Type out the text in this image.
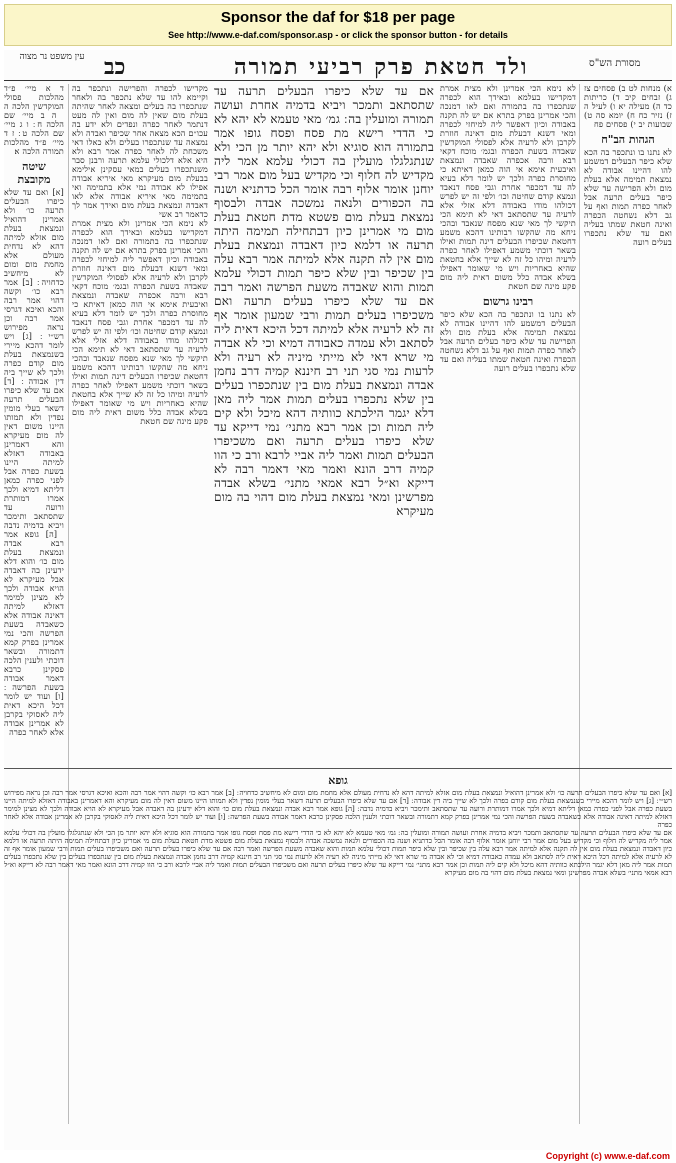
Sponsor the daf for $18 per page
See http://www.e-daf.com/sponsor.asp - or click the sponsor button - for details
עין משפט נר מצוה כב	ולד חטאת פרק רביעי תמורה	מסורת הש"ס
ד א מיי׳ פ״ד מהלכות פסולי המוקדשין הלכה ה ׃ ה ב מיי׳ שם הלכה ח ׃ ו ג מיי׳ שם הלכה ט ׃ ז ד מיי׳ פ״ד מהלכות תמורה הלכה א׃
שיטה מקובצת
[א] ואם עד שלא כיפרו הבעלים תרעה כו׳ ולא אמרינן דהואיל ונמצאת בעלת מום אזלא למיתה דהא לא נדחית מעולם אלא מחמת מום ומום לא מיחשיב כדחויה ׃ [ב] אמר רבא כו׳ וקשה דהוי אמר רבה והכא ואיכא דגרסי אמר רבה וכן נראה מפירוש רש״י ׃ [ג] ויש לומר דהכא מיירי בשנמצאת בעלת מום קודם כפרה ולכך לא שייך ביה דין אבודה ׃ [ד] אם עד שלא כיפרו הבעלים תרעה דשאר בעלי מומין נפדין ולא תמותו היינו משום דאין לה מום מעיקרא והא דאמרינן באבודה דאזלא למיתה היינו בשעת כפרה אבל לפני כפרה כמאן דליתא דמיא ולכך אמרו דמותרת ורועה עד שתסתאב ותימכר ויביא בדמיה נדבה ׃ [ה] גופא אמר רבא אבדה ונמצאת בעלת מום כו׳ והוא דלא ידעינן בה דאבדה אבל מעיקרא לא הויא אבודה ולכך לא מצינן למימר דאזלא למיתה דאינה אבודה אלא כשאבדה בשעת הפרשה והכי נמי אמרינן בפרק קמא דתמורה ובשאר דוכתי ולענין הלכה פסקינן כרבא דאמר אבודה בשעת הפרשה ׃ [ו] ועוד יש לומר דכל היכא דאית ליה לאסוקי בקרבן לא אמרינן אבודה אלא לאחר כפרה
מקדישו לכפרה והפרישה ונתכפר בה וקיימא להו עד שלא נתכפר בה ולאחר שנתכפרו בה בעלים ומצאה לאחר שהיתה בעלת מום שאין לה מום ואין לה מעט דנתמר לאחר כפרה ונפדים ולא ידע בה עכו״ם הכא מצאה אחר שכיפר ואבדה ולא נמצאה עד שנתכפרו בעלים ולא כאלו דאי משכחת לה לאחר כפרה אמר רבא ולא היא אלא דלכולי עלמא תרעה ורבנן סבר משנתכפרו בעלים במאי עסקינן אילימא בבעלת מום מעיקרא מאי איריא אבודה אפילו לא אבודה נמי אלא בתמימה ואי בתמימה מאי איריא אבודה אלא לאו דאבדה ונמצאת בעלת מום ואידך אמר לך כדאמר רב אשי
לא נימא הכי אמרינן ולא מצית אמרת דמקדישו בעלמא ובאידך הוא לכפרה שנתכפרו בה בתמורה ואם לאו דמנכה והכי אמרינן בפרק בתרא אם יש לה תקנה באבודה וכיון דאפשר ליה למיחזי לכפרה ומאי דשנא דבעלת מום דאינה חוזרת לקרבן ולא לרעיה אלא לפסולי המוקדשין שאבדה בשעת הכפרה ובגמ׳ מוכח דקאי רבא ורבה אכפרה שאבדה ונמצאת ואיבעית אימא אי הוה כמאן דאיתא כי מחוסרת כפרה ולכך יש לומר דלא בעיא לה עד דמכפר אחרת וגבי פסח דנאבד ונמצא קודם שחיטה וכו׳ ולפי זה יש לפרש דכולהו מודו באבודה דלא אזלי אלא לרעיה עד שתסתאב דאי לא תימא הכי תיקשי לך מאי שנא מפסח שנאבד ובהכי ניחא מה שהקשו רבותינו דהכא משמע דחטאת שכיפרו הבעלים דינה תמות ואילו בשאר דוכתי משמע דאפילו לאחר כפרה לרעיה ומיהו כל זה לא שייך אלא בחטאת שהיא באחריות ויש מי שאומר דאפילו בשלא אבדה כלל משום דאית ליה מום פקע מינה שם חטאת
אם עד שלא כיפרו הבעלים תרעה עד שתסתאב ותמכר ויביא בדמיה אחרת ועושה תמורה ומועלין בה ׃ גמ׳ מאי טעמא לא יהא לא כי הדדי רישא מת פסח ופסח גופו אמר בתמורה הוא סוגיא ולא יהא יותר מן הכי ולא שנתגלגלו מועלין בה דכולי עלמא אמר ליה מקדיש לה חלוף וכי מקדיש בעל מום אמר רבי יוחנן אומר אלוף רבה אומר הכל כדתניא ושנה בה הכפורים ולנאה נמשכה אבדה ולבסוף נמצאת בעלת מום פשטא מדת חטאת בעלת מום מי אמרינן כיון דבתחילה תמימה היתה תרעה או דלמא כיון דאבדה ונמצאת בעלת מום אין לה תקנה אלא למיתה אמר רבא עלה בין שכיפר ובין שלא כיפר תמות דכולי עלמא תמות והוא שאבדה משעת הפרשה ואמר רבה אם עד שלא כיפרו בעלים תרעה ואם משכיפרו בעלים תמות ורבי שמעון אומר אף זה לא לרעיה אלא למיתה דכל היכא דאית ליה לסתאב ולא עמדה כאבודה דמיא וכי לא אבדה מי שרא דאי לא מייתי מיניה לא רעיה ולא לרעות נמי סגי תני רב חיננא קמיה דרב נחמן אבדה ונמצאת בעלת מום בין שנתכפרו בעלים בין שלא נתכפרו בעלים תמות אמר ליה מאן דלא יגמר הילכתא כוותיה דהא מיכל ולא קים ליה תמות וכן אמר רבא מתני׳ נמי דייקא עד שלא כיפרו בעלים תרעה ואם משכיפרו הבעלים תמות ואמר ליה אביי לרבא ורב כי הוו קמיה דרב הונא ואמר מאי דאמר רבה לא דייקא וא״ל רבא אמאי מתני׳ בשלא אבדה מפרשינן ומאי נמצאת בעלת מום דהוי בה מום מעיקרא
לא נימא הכי אמרינן ולא מצית אמרת דמקדישו בעלמא ובאידך הוא לכפרה שנתכפרו בה בתמורה ואם לאו דמנכה והכי אמרינן בפרק בתרא אם יש לה תקנה באבודה וכיון דאפשר ליה למיחזי לכפרה ומאי דשנא דבעלת מום דאינה חוזרת לקרבן ולא לרעיה אלא לפסולי המוקדשין שאבדה בשעת הכפרה ובגמ׳ מוכח דקאי רבא ורבה אכפרה שאבדה ונמצאת ואיבעית אימא אי הוה כמאן דאיתא כי מחוסרת כפרה ולכך יש לומר דלא בעיא לה עד דמכפר אחרת וגבי פסח דנאבד ונמצא קודם שחיטה וכו׳ ולפי זה יש לפרש דכולהו מודו באבודה דלא אזלי אלא לרעיה עד שתסתאב דאי לא תימא הכי תיקשי לך מאי שנא מפסח שנאבד ובהכי ניחא מה שהקשו רבותינו דהכא משמע דחטאת שכיפרו הבעלים דינה תמות ואילו בשאר דוכתי משמע דאפילו לאחר כפרה לרעיה ומיהו כל זה לא שייך אלא בחטאת שהיא באחריות ויש מי שאומר דאפילו בשלא אבדה כלל משום דאית ליה מום פקע מינה שם חטאת
רבינו גרשום
לא נתנו בו ונתכפר בה הכא שלא כיפר הבעלים דמשמע להו דהיינו אבודה לא נמצאת תמימה אלא בעלת מום ולא הפרישה עד שלא כיפר בעלים תרעה אבל לאחר כפרה תמות ואף על גב דלא נשחטה הכפרה ואינה חטאת שמתו בעליה ואם עד שלא נתכפרו בעלים רועה
א) מנחות לט ב) פסחים צז ג) זבחים קיב ד) כריתות כד ה) מעילה יא ו) לעיל ה ז) נזיר כח ח) יומא סה ט) שבועות יב י) פסחים פח
הגהות הב"ח
לא נתנו בו ונתכפר בה הכא שלא כיפר הבעלים דמשמע להו דהיינו אבודה לא נמצאת תמימה אלא בעלת מום ולא הפרישה עד שלא כיפר בעלים תרעה אבל לאחר כפרה תמות ואף על גב דלא נשחטה הכפרה ואינה חטאת שמתו בעליה ואם עד שלא נתכפרו בעלים רועה
גופא
[א] ואם עד שלא כיפרו הבעלים תרעה כו׳ ולא אמרינן דהואיל ונמצאת בעלת מום אזלא למיתה דהא לא נדחית מעולם אלא מחמת מום ומום לא מיחשיב כדחויה ׃ [ב] אמר רבא כו׳ וקשה דהוי אמר רבה והכא ואיכא דגרסי אמר רבה וכן נראה מפירוש רש״י ׃ [ג] ויש לומר דהכא מיירי בשנמצאת בעלת מום קודם כפרה ולכך לא שייך ביה דין אבודה ׃ [ד] אם עד שלא כיפרו הבעלים תרעה דשאר בעלי מומין נפדין ולא תמותו היינו משום דאין לה מום מעיקרא והא דאמרינן באבודה דאזלא למיתה היינו בשעת כפרה אבל לפני כפרה כמאן דליתא דמיא ולכך אמרו דמותרת ורועה עד שתסתאב ותימכר ויביא בדמיה נדבה ׃ [ה] גופא אמר רבא אבדה ונמצאת בעלת מום כו׳ והוא דלא ידעינן בה דאבדה אבל מעיקרא לא הויא אבודה ולכך לא מצינן למימר דאזלא למיתה דאינה אבודה אלא כשאבדה בשעת הפרשה והכי נמי אמרינן בפרק קמא דתמורה ובשאר דוכתי ולענין הלכה פסקינן כרבא דאמר אבודה בשעת הפרשה ׃ [ו] ועוד יש לומר דכל היכא דאית ליה לאסוקי בקרבן לא אמרינן אבודה אלא לאחר כפרה
אם עד שלא כיפרו הבעלים תרעה עד שתסתאב ותמכר ויביא בדמיה אחרת ועושה תמורה ומועלין בה ׃ גמ׳ מאי טעמא לא יהא לא כי הדדי רישא מת פסח ופסח גופו אמר בתמורה הוא סוגיא ולא יהא יותר מן הכי ולא שנתגלגלו מועלין בה דכולי עלמא אמר ליה מקדיש לה חלוף וכי מקדיש בעל מום אמר רבי יוחנן אומר אלוף רבה אומר הכל כדתניא ושנה בה הכפורים ולנאה נמשכה אבדה ולבסוף נמצאת בעלת מום פשטא מדת חטאת בעלת מום מי אמרינן כיון דבתחילה תמימה היתה תרעה או דלמא כיון דאבדה ונמצאת בעלת מום אין לה תקנה אלא למיתה אמר רבא עלה בין שכיפר ובין שלא כיפר תמות דכולי עלמא תמות והוא שאבדה משעת הפרשה ואמר רבה אם עד שלא כיפרו בעלים תרעה ואם משכיפרו בעלים תמות ורבי שמעון אומר אף זה לא לרעיה אלא למיתה דכל היכא דאית ליה לסתאב ולא עמדה כאבודה דמיא וכי לא אבדה מי שרא דאי לא מייתי מיניה לא רעיה ולא לרעות נמי סגי תני רב חיננא קמיה דרב נחמן אבדה ונמצאת בעלת מום בין שנתכפרו בעלים בין שלא נתכפרו בעלים תמות אמר ליה מאן דלא יגמר הילכתא כוותיה דהא מיכל ולא קים ליה תמות וכן אמר רבא מתני׳ נמי דייקא עד שלא כיפרו בעלים תרעה ואם משכיפרו הבעלים תמות ואמר ליה אביי לרבא ורב כי הוו קמיה דרב הונא ואמר מאי דאמר רבה לא דייקא וא״ל רבא אמאי מתני׳ בשלא אבדה מפרשינן ומאי נמצאת בעלת מום דהוי בה מום מעיקרא
Copyright (c) www.e-daf.com
